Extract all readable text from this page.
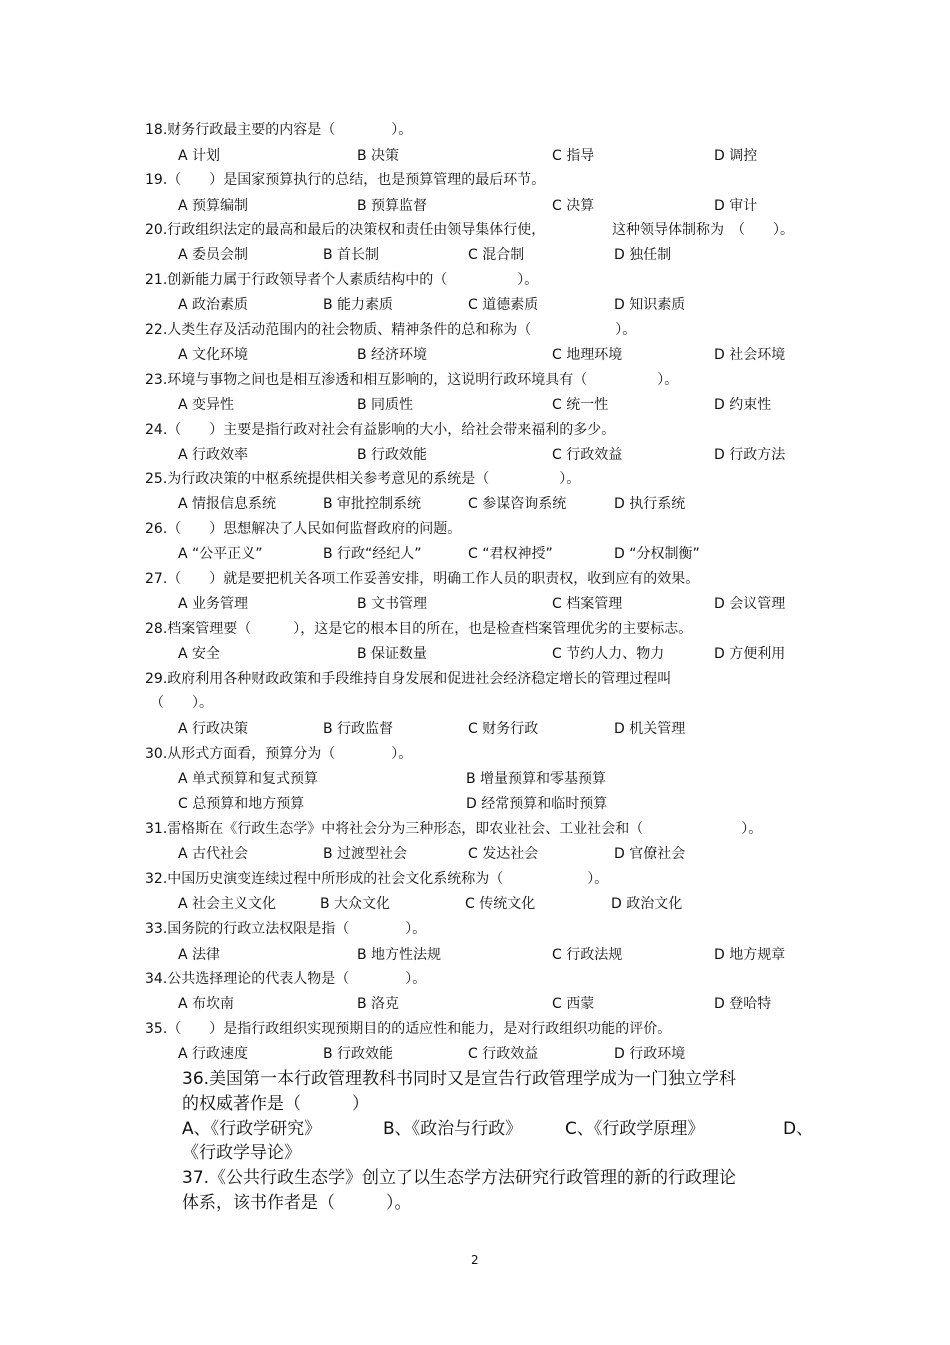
18.财务行政最主要的内容是（　　　　）。
A 计划	B 决策	C 指导	D 调控
19.（　　）是国家预算执行的总结，也是预算管理的最后环节。
A 预算编制	B 预算监督	C 决算	D 审计
20.行政组织法定的最高和最后的决策权和责任由领导集体行使，	这种领导体制称为　（　　）。
A 委员会制	B 首长制	C 混合制	D 独任制
21.创新能力属于行政领导者个人素质结构中的（　　　　　）。
A 政治素质	B 能力素质	C 道德素质	D 知识素质
22.人类生存及活动范围内的社会物质、精神条件的总和称为（　　　　　　）。
A 文化环境	B 经济环境	C 地理环境	D 社会环境
23.环境与事物之间也是相互渗透和相互影响的，这说明行政环境具有（　　　　　）。
A 变异性	B 同质性	C 统一性	D 约束性
24.（　　）主要是指行政对社会有益影响的大小，给社会带来福利的多少。
A 行政效率	B 行政效能	C 行政效益	D 行政方法
25.为行政决策的中枢系统提供相关参考意见的系统是（　　　　　）。
A 情报信息系统	B 审批控制系统	C 参谋咨询系统	D 执行系统
26.（　　）思想解决了人民如何监督政府的问题。
A “公平正义”	B 行政“经纪人”	C “君权神授”	D “分权制衡”
27.（　　）就是要把机关各项工作妥善安排，明确工作人员的职责权，收到应有的效果。
A 业务管理	B 文书管理	C 档案管理	D 会议管理
28.档案管理要（　　　），这是它的根本目的所在，也是检查档案管理优劣的主要标志。
A 安全	B 保证数量	C 节约人力、物力	D 方便利用
29.政府利用各种财政政策和手段维持自身发展和促进社会经济稳定增长的管理过程叫
（　　）。
A 行政决策	B 行政监督	C 财务行政	D 机关管理
30.从形式方面看，预算分为（　　　　）。
A 单式预算和复式预算	B 增量预算和零基预算
C 总预算和地方预算	D 经常预算和临时预算
31.雷格斯在《行政生态学》中将社会分为三种形态，即农业社会、工业社会和（　　　　　　　）。
A 古代社会	B 过渡型社会	C 发达社会	D 官僚社会
32.中国历史演变连续过程中所形成的社会文化系统称为（　　　　　　）。
A 社会主义文化	B 大众文化	C 传统文化	D 政治文化
33.国务院的行政立法权限是指（　　　　）。
A 法律	B 地方性法规	C 行政法规	D 地方规章
34.公共选择理论的代表人物是（　　　　）。
A 布坎南	B 洛克	C 西蒙	D 登哈特
35.（　　）是指行政组织实现预期目的的适应性和能力，是对行政组织功能的评价。
A 行政速度	B 行政效能	C 行政效益	D 行政环境
36.美国第一本行政管理教科书同时又是宣告行政管理学成为一门独立学科
的权威著作是（　　　）
A、《行政学研究》	B、《政治与行政》	C、《行政学原理》	D、
《行政学导论》
37.《公共行政生态学》创立了以生态学方法研究行政管理的新的行政理论
体系，该书作者是（　　　）。
2
